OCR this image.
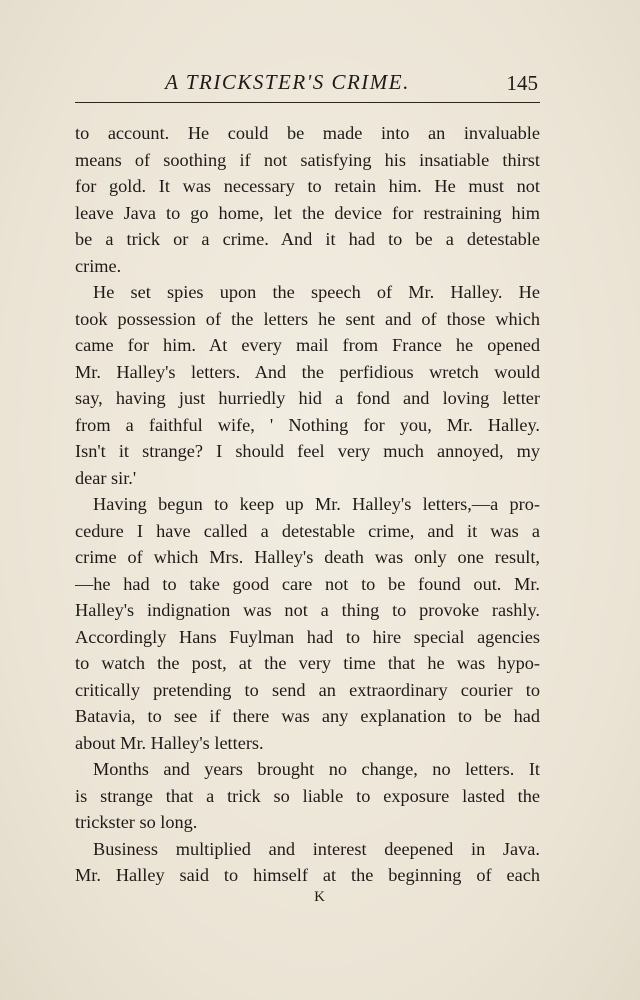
A TRICKSTER'S CRIME.	145
to account. He could be made into an invaluable
means of soothing if not satisfying his insatiable thirst
for gold. It was necessary to retain him. He must not
leave Java to go home, let the device for restraining him
be a trick or a crime. And it had to be a detestable
crime.
He set spies upon the speech of Mr. Halley. He
took possession of the letters he sent and of those which
came for him. At every mail from France he opened
Mr. Halley's letters. And the perfidious wretch would
say, having just hurriedly hid a fond and loving letter
from a faithful wife, ' Nothing for you, Mr. Halley.
Isn't it strange? I should feel very much annoyed, my
dear sir.'
Having begun to keep up Mr. Halley's letters,—a pro-
cedure I have called a detestable crime, and it was a
crime of which Mrs. Halley's death was only one result,
—he had to take good care not to be found out. Mr.
Halley's indignation was not a thing to provoke rashly.
Accordingly Hans Fuylman had to hire special agencies
to watch the post, at the very time that he was hypo-
critically pretending to send an extraordinary courier to
Batavia, to see if there was any explanation to be had
about Mr. Halley's letters.
Months and years brought no change, no letters. It
is strange that a trick so liable to exposure lasted the
trickster so long.
Business multiplied and interest deepened in Java.
Mr. Halley said to himself at the beginning of each
K
